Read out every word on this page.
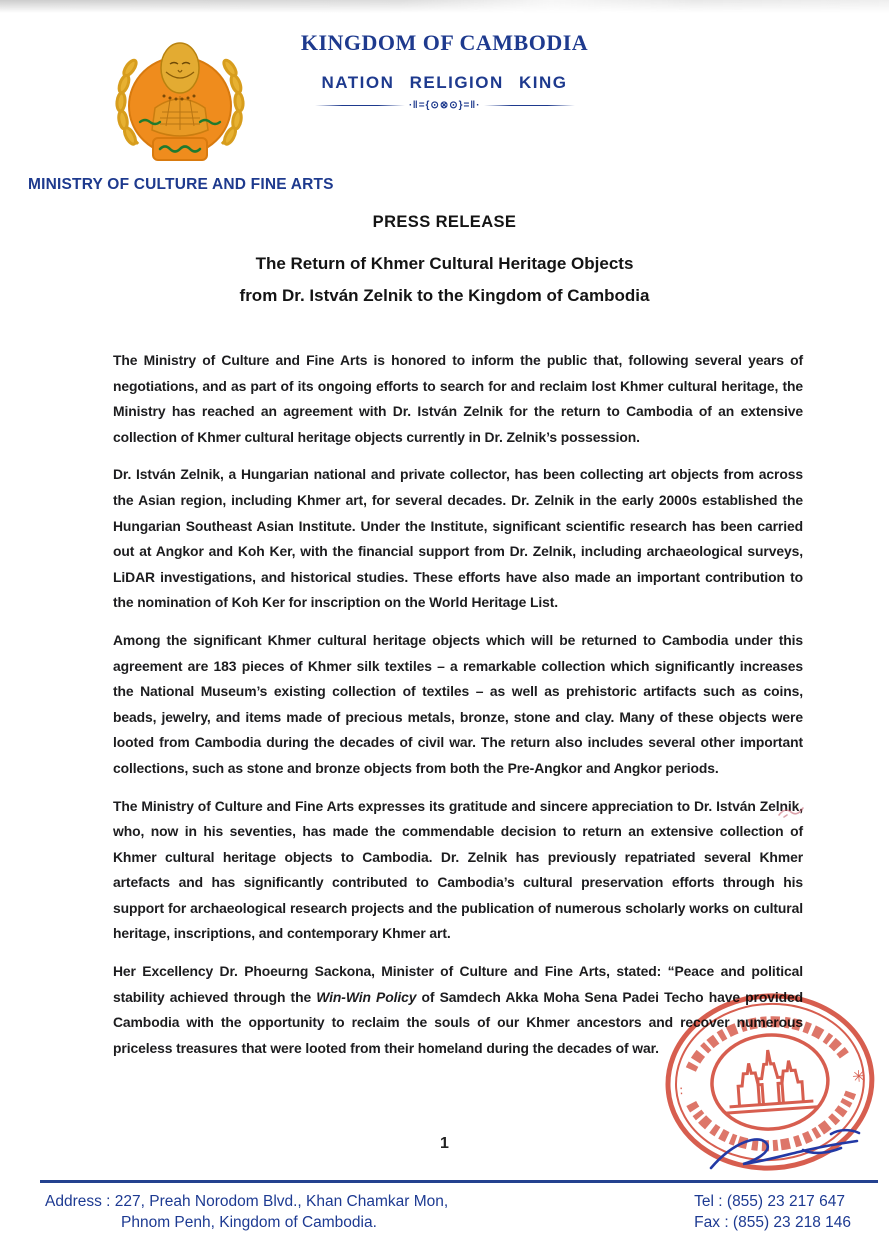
KINGDOM OF CAMBODIA
NATION RELIGION KING
∙‖={⊙⊗⊙}=‖∙
MINISTRY OF CULTURE AND FINE ARTS
PRESS RELEASE
The Return of Khmer Cultural Heritage Objects
from Dr. István Zelnik to the Kingdom of Cambodia

The Ministry of Culture and Fine Arts is honored to inform the public that, following several years of negotiations, and as part of its ongoing efforts to search for and reclaim lost Khmer cultural heritage, the Ministry has reached an agreement with Dr. István Zelnik for the return to Cambodia of an extensive collection of Khmer cultural heritage objects currently in Dr. Zelnik’s possession.

Dr. István Zelnik, a Hungarian national and private collector, has been collecting art objects from across the Asian region, including Khmer art, for several decades. Dr. Zelnik in the early 2000s established the Hungarian Southeast Asian Institute. Under the Institute, significant scientific research has been carried out at Angkor and Koh Ker, with the financial support from Dr. Zelnik, including archaeological surveys, LiDAR investigations, and historical studies. These efforts have also made an important contribution to the nomination of Koh Ker for inscription on the World Heritage List.

Among the significant Khmer cultural heritage objects which will be returned to Cambodia under this agreement are 183 pieces of Khmer silk textiles – a remarkable collection which significantly increases the National Museum’s existing collection of textiles – as well as prehistoric artifacts such as coins, beads, jewelry, and items made of precious metals, bronze, stone and clay. Many of these objects were looted from Cambodia during the decades of civil war. The return also includes several other important collections, such as stone and bronze objects from both the Pre-Angkor and Angkor periods.

The Ministry of Culture and Fine Arts expresses its gratitude and sincere appreciation to Dr. István Zelnik, who, now in his seventies, has made the commendable decision to return an extensive collection of Khmer cultural heritage objects to Cambodia. Dr. Zelnik has previously repatriated several Khmer artefacts and has significantly contributed to Cambodia’s cultural preservation efforts through his support for archaeological research projects and the publication of numerous scholarly works on cultural heritage, inscriptions, and contemporary Khmer art.

Her Excellency Dr. Phoeurng Sackona, Minister of Culture and Fine Arts, stated: “Peace and political stability achieved through the Win-Win Policy of Samdech Akka Moha Sena Padei Techo have provided Cambodia with the opportunity to reclaim the souls of our Khmer ancestors and recover numerous priceless treasures that were looted from their homeland during the decades of war.

✳
:
1
Address : 227, Preah Norodom Blvd., Khan Chamkar Mon,
Phnom Penh, Kingdom of Cambodia.
Tel : (855) 23 217 647
Fax : (855) 23 218 146
